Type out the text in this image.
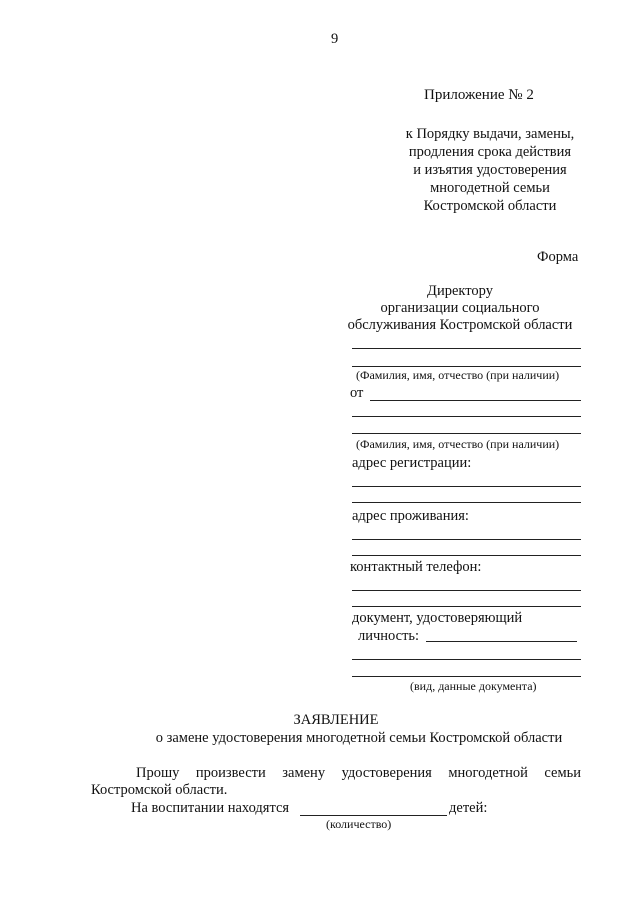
9
Приложение № 2
к Порядку выдачи, замены,
продления срока действия
и изъятия удостоверения
многодетной семьи
Костромской области
Форма
Директору
организации социального
обслуживания Костромской области
(Фамилия, имя, отчество (при наличии)
от
(Фамилия, имя, отчество (при наличии)
адрес регистрации:
адрес проживания:
контактный телефон:
документ, удостоверяющий
личность:
(вид, данные документа)
ЗАЯВЛЕНИЕ
о замене удостоверения многодетной семьи Костромской области
Прошу произвести замену удостоверения многодетной семьи
Костромской области.
На воспитании находятся	детей:
(количество)
